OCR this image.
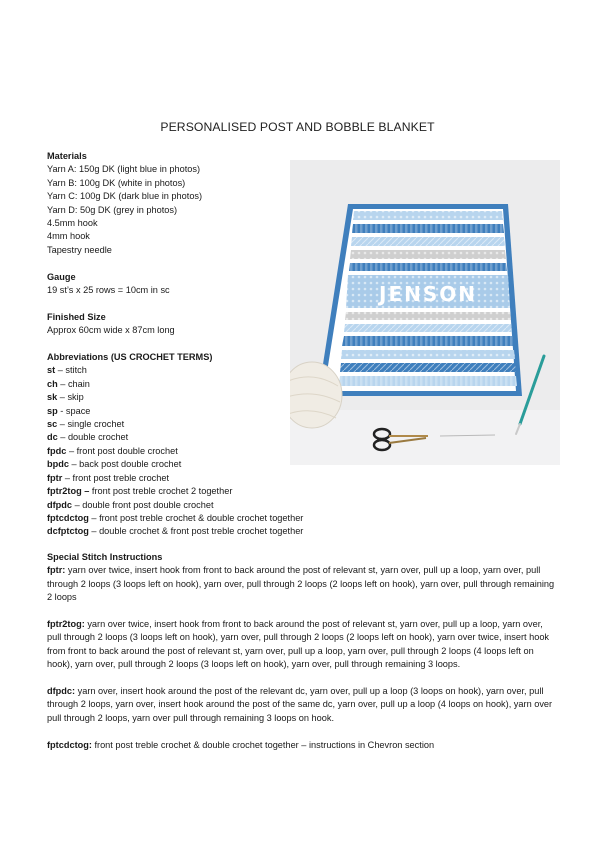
PERSONALISED POST AND BOBBLE BLANKET
Materials
Yarn A: 150g DK (light blue in photos)
Yarn B: 100g DK (white in photos)
Yarn C: 100g DK (dark blue in photos)
Yarn D: 50g DK (grey in photos)
4.5mm hook
4mm hook
Tapestry needle
Gauge
19 st’s x 25 rows = 10cm in sc
Finished Size
Approx 60cm wide x 87cm long
Abbreviations (US CROCHET TERMS)
st – stitch
ch – chain
sk – skip
sp - space
sc – single crochet
dc – double crochet
fpdc – front post double crochet
bpdc – back post double crochet
fptr – front post treble crochet
fptr2tog – front post treble crochet 2 together
dfpdc – double front post double crochet
fptcdctog – front post treble crochet & double crochet together
dcfptctog – double crochet & front post treble crochet together
Special Stitch Instructions

fptr: yarn over twice, insert hook from front to back around the post of relevant st, yarn over, pull up a loop, yarn over, pull through 2 loops (3 loops left on hook), yarn over, pull through 2 loops (2 loops left on hook), yarn over, pull through remaining 2 loops

fptr2tog: yarn over twice, insert hook from front to back around the post of relevant st, yarn over, pull up a loop, yarn over, pull through 2 loops (3 loops left on hook), yarn over, pull through 2 loops (2 loops left on hook), yarn over twice, insert hook from front to back around the post of relevant st, yarn over, pull up a loop, yarn over, pull through 2 loops (4 loops left on hook), yarn over, pull through 2 loops (3 loops left on hook), yarn over, pull through remaining 3 loops.

dfpdc: yarn over, insert hook around the post of the relevant dc, yarn over, pull up a loop (3 loops on hook), yarn over, pull through 2 loops, yarn over, insert hook around the post of the same dc, yarn over, pull up a loop (4 loops on hook), yarn over pull through 2 loops, yarn over pull through remaining 3 loops on hook.

fptcdctog: front post treble crochet & double crochet together – instructions in Chevron section

JENSON
